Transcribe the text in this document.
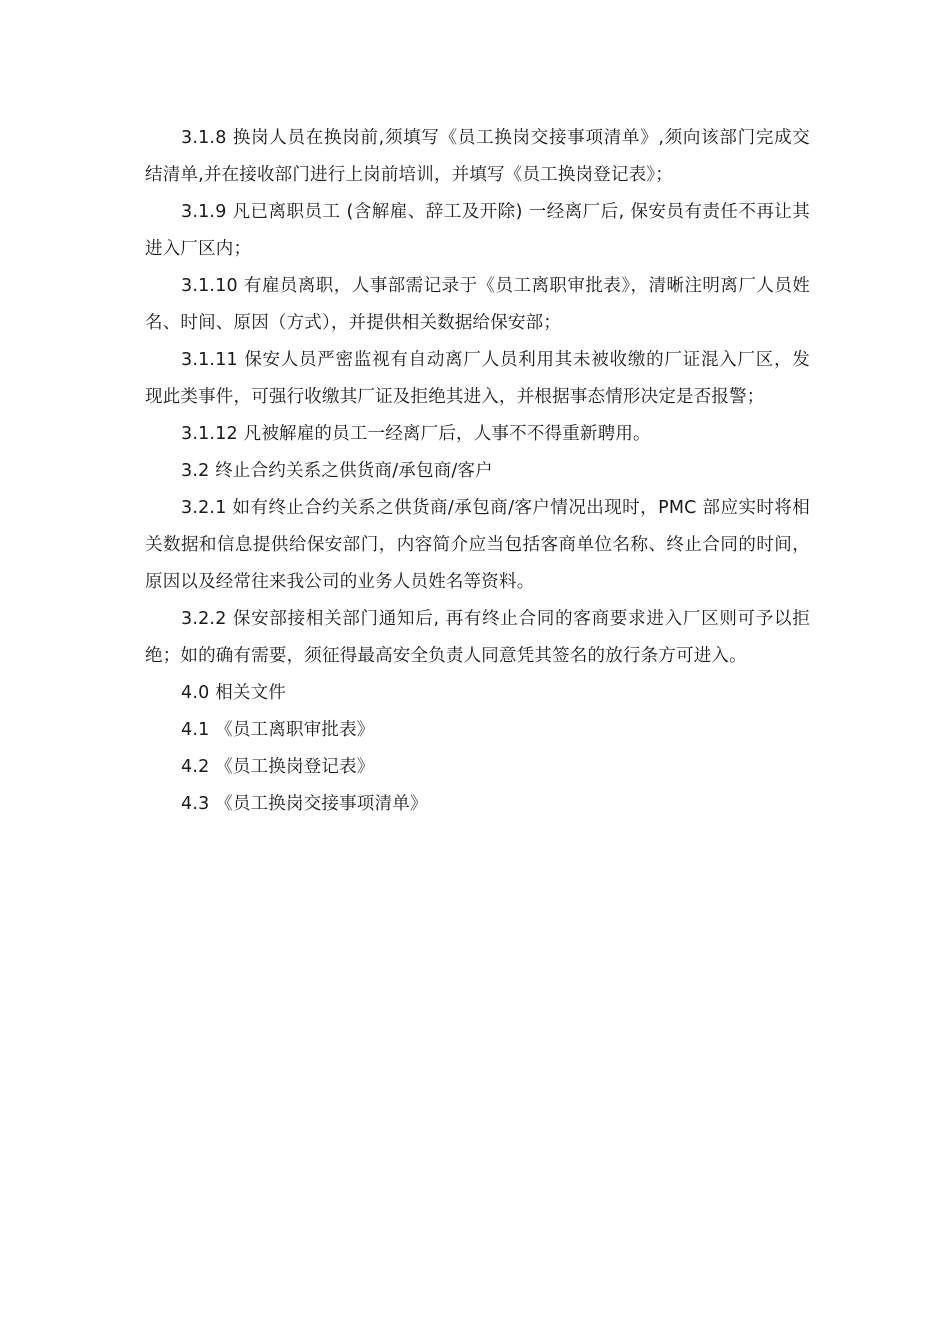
3.1.8 换岗人员在换岗前,须填写《员工换岗交接事项清单》,须向该部门完成交结清单,并在接收部门进行上岗前培训，并填写《员工换岗登记表》；

3.1.9 凡已离职员工 (含解雇、辞工及开除) 一经离厂后, 保安员有责任不再让其进入厂区内；

3.1.10 有雇员离职，人事部需记录于《员工离职审批表》，清晰注明离厂人员姓名、时间、原因（方式），并提供相关数据给保安部；

3.1.11 保安人员严密监视有自动离厂人员利用其未被收缴的厂证混入厂区，发现此类事件，可强行收缴其厂证及拒绝其进入，并根据事态情形决定是否报警；

3.1.12 凡被解雇的员工一经离厂后，人事不不得重新聘用。

3.2 终止合约关系之供货商/承包商/客户

3.2.1 如有终止合约关系之供货商/承包商/客户情况出现时，PMC 部应实时将相关数据和信息提供给保安部门，内容简介应当包括客商单位名称、终止合同的时间，原因以及经常往来我公司的业务人员姓名等资料。

3.2.2 保安部接相关部门通知后, 再有终止合同的客商要求进入厂区则可予以拒绝；如的确有需要，须征得最高安全负责人同意凭其签名的放行条方可进入。

4.0 相关文件

4.1 《员工离职审批表》

4.2 《员工换岗登记表》

4.3 《员工换岗交接事项清单》
